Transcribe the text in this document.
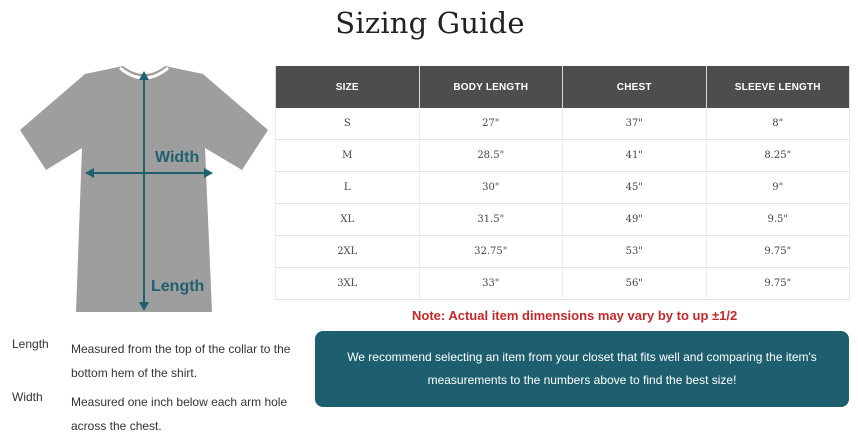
Sizing Guide
Width
Length
SIZE	BODY LENGTH	CHEST	SLEEVE LENGTH
S	27"	37"	8"
M	28.5"	41"	8.25"
L	30"	45"	9"
XL	31.5"	49"	9.5"
2XL	32.75"	53"	9.75"
3XL	33"	56"	9.75"
Note: Actual item dimensions may vary by to up ±1/2
Length Measured from the top of the collar to the bottom hem of the shirt.
Width Measured one inch below each arm hole across the chest.
We recommend selecting an item from your closet that fits well and comparing the item's measurements to the numbers above to find the best size!
